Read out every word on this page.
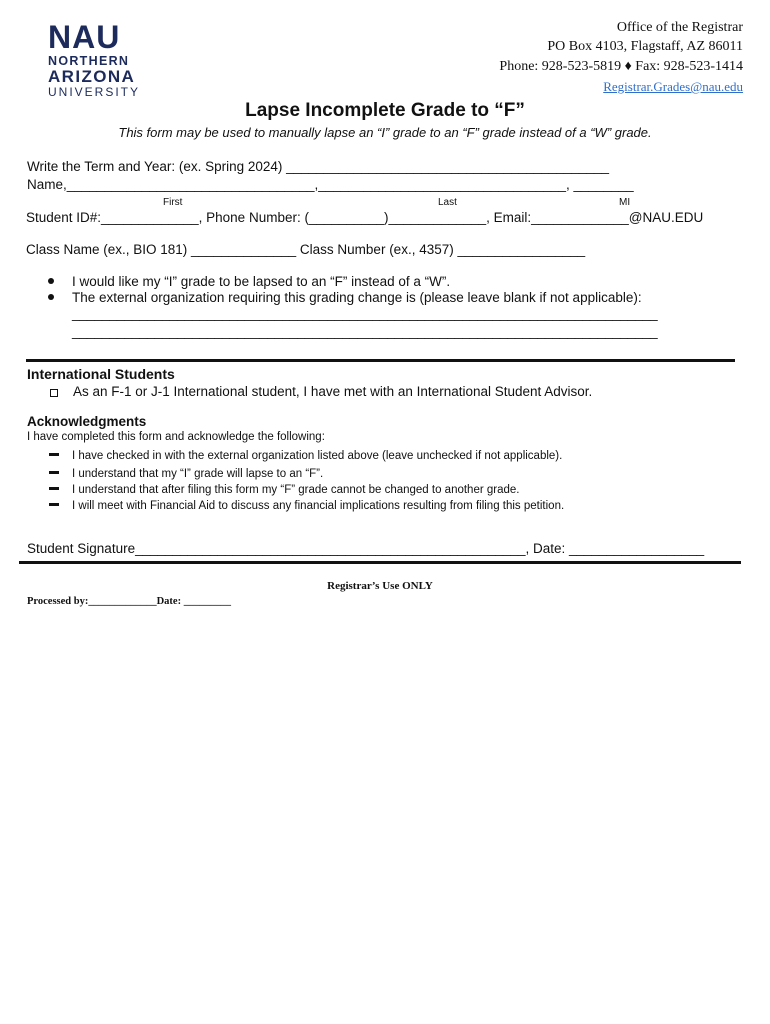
NAU
NORTHERN
ARIZONA
UNIVERSITY
Office of the Registrar
PO Box 4103, Flagstaff, AZ 86011
Phone: 928-523-5819 ♦ Fax: 928-523-1414
Registrar.Grades@nau.edu
Lapse Incomplete Grade to “F”
This form may be used to manually lapse an “I” grade to an “F” grade instead of a “W” grade.
Write the Term and Year: (ex. Spring 2024) ___________________________________________
Name,_________________________________,_________________________________, ________
First	Last	MI
Student ID#:_____________, Phone Number: (__________)_____________, Email:_____________@NAU.EDU
Class Name (ex., BIO 181) ______________ Class Number (ex., 4357) _________________
I would like my “I” grade to be lapsed to an “F” instead of a “W”.
The external organization requiring this grading change is (please leave blank if not applicable):
______________________________________________________________________________
______________________________________________________________________________
International Students
As an F-1 or J-1 International student, I have met with an International Student Advisor.
Acknowledgments
I have completed this form and acknowledge the following:
I have checked in with the external organization listed above (leave unchecked if not applicable).
I understand that my “I” grade will lapse to an “F”.
I understand that after filing this form my “F” grade cannot be changed to another grade.
I will meet with Financial Aid to discuss any financial implications resulting from filing this petition.
Student Signature____________________________________________________, Date: __________________
Registrar’s Use ONLY
Processed by:_____________Date: _________
